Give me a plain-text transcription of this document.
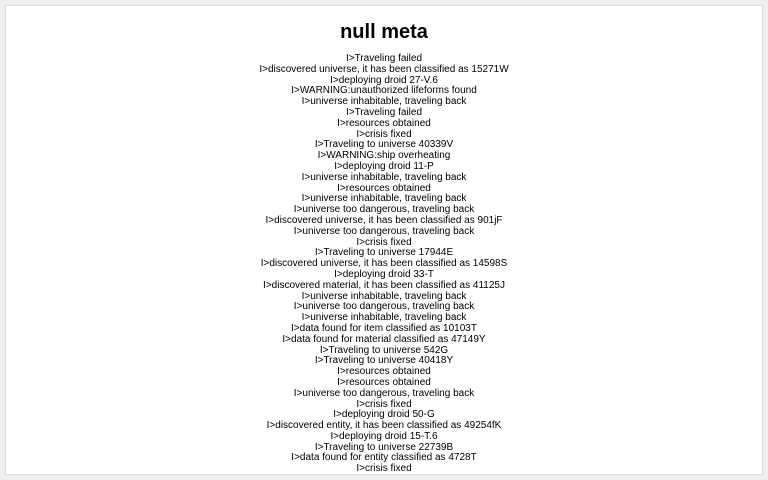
null meta
I>Traveling failed
I>discovered universe, it has been classified as 15271W
I>deploying droid 27-V.6
I>WARNING:unauthorized lifeforms found
I>universe inhabitable, traveling back
I>Traveling failed
I>resources obtained
I>crisis fixed
I>Traveling to universe 40339V
I>WARNING:ship overheating
I>deploying droid 11-P
I>universe inhabitable, traveling back
I>resources obtained
I>universe inhabitable, traveling back
I>universe too dangerous, traveling back
I>discovered universe, it has been classified as 901jF
I>universe too dangerous, traveling back
I>crisis fixed
I>Traveling to universe 17944E
I>discovered universe, it has been classified as 14598S
I>deploying droid 33-T
I>discovered material, it has been classified as 41125J
I>universe inhabitable, traveling back
I>universe too dangerous, traveling back
I>universe inhabitable, traveling back
I>data found for item classified as 10103T
I>data found for material classified as 47149Y
I>Traveling to universe 542G
I>Traveling to universe 40418Y
I>resources obtained
I>resources obtained
I>universe too dangerous, traveling back
I>crisis fixed
I>deploying droid 50-G
I>discovered entity, it has been classified as 49254fK
I>deploying droid 15-T.6
I>Traveling to universe 22739B
I>data found for entity classified as 4728T
I>crisis fixed
